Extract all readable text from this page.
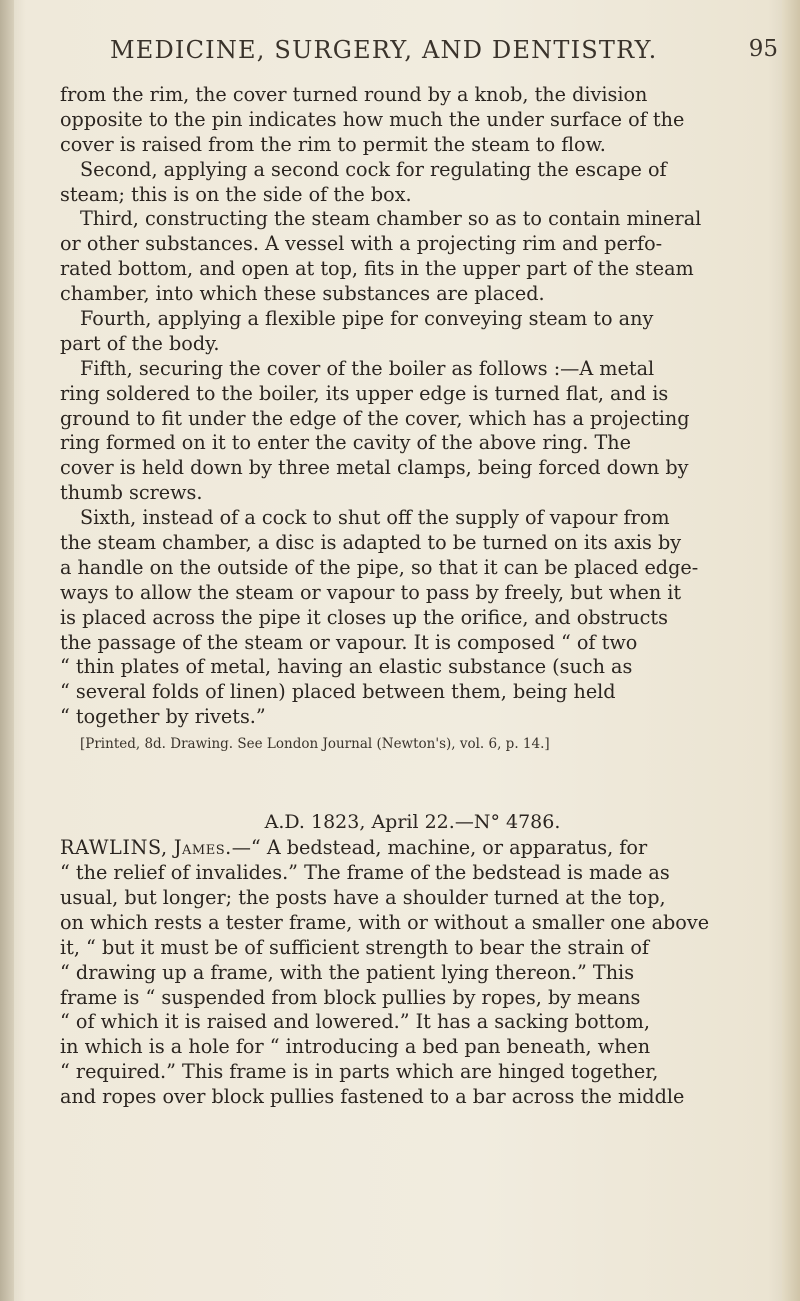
MEDICINE, SURGERY, AND DENTISTRY.	95
from the rim, the cover turned round by a knob, the division
opposite to the pin indicates how much the under surface of the
cover is raised from the rim to permit the steam to flow.
Second, applying a second cock for regulating the escape of
steam; this is on the side of the box.
Third, constructing the steam chamber so as to contain mineral
or other substances. A vessel with a projecting rim and perfo-
rated bottom, and open at top, fits in the upper part of the steam
chamber, into which these substances are placed.
Fourth, applying a flexible pipe for conveying steam to any
part of the body.
Fifth, securing the cover of the boiler as follows :—A metal
ring soldered to the boiler, its upper edge is turned flat, and is
ground to fit under the edge of the cover, which has a projecting
ring formed on it to enter the cavity of the above ring. The
cover is held down by three metal clamps, being forced down by
thumb screws.
Sixth, instead of a cock to shut off the supply of vapour from
the steam chamber, a disc is adapted to be turned on its axis by
a handle on the outside of the pipe, so that it can be placed edge-
ways to allow the steam or vapour to pass by freely, but when it
is placed across the pipe it closes up the orifice, and obstructs
the passage of the steam or vapour. It is composed “ of two
“ thin plates of metal, having an elastic substance (such as
“ several folds of linen) placed between them, being held
“ together by rivets.”
[Printed, 8d. Drawing. See London Journal (Newton's), vol. 6, p. 14.]
A.D. 1823, April 22.—N° 4786.
RAWLINS, James.—“ A bedstead, machine, or apparatus, for
“ the relief of invalides.” The frame of the bedstead is made as
usual, but longer; the posts have a shoulder turned at the top,
on which rests a tester frame, with or without a smaller one above
it, “ but it must be of sufficient strength to bear the strain of
“ drawing up a frame, with the patient lying thereon.” This
frame is “ suspended from block pullies by ropes, by means
“ of which it is raised and lowered.” It has a sacking bottom,
in which is a hole for “ introducing a bed pan beneath, when
“ required.” This frame is in parts which are hinged together,
and ropes over block pullies fastened to a bar across the middle
